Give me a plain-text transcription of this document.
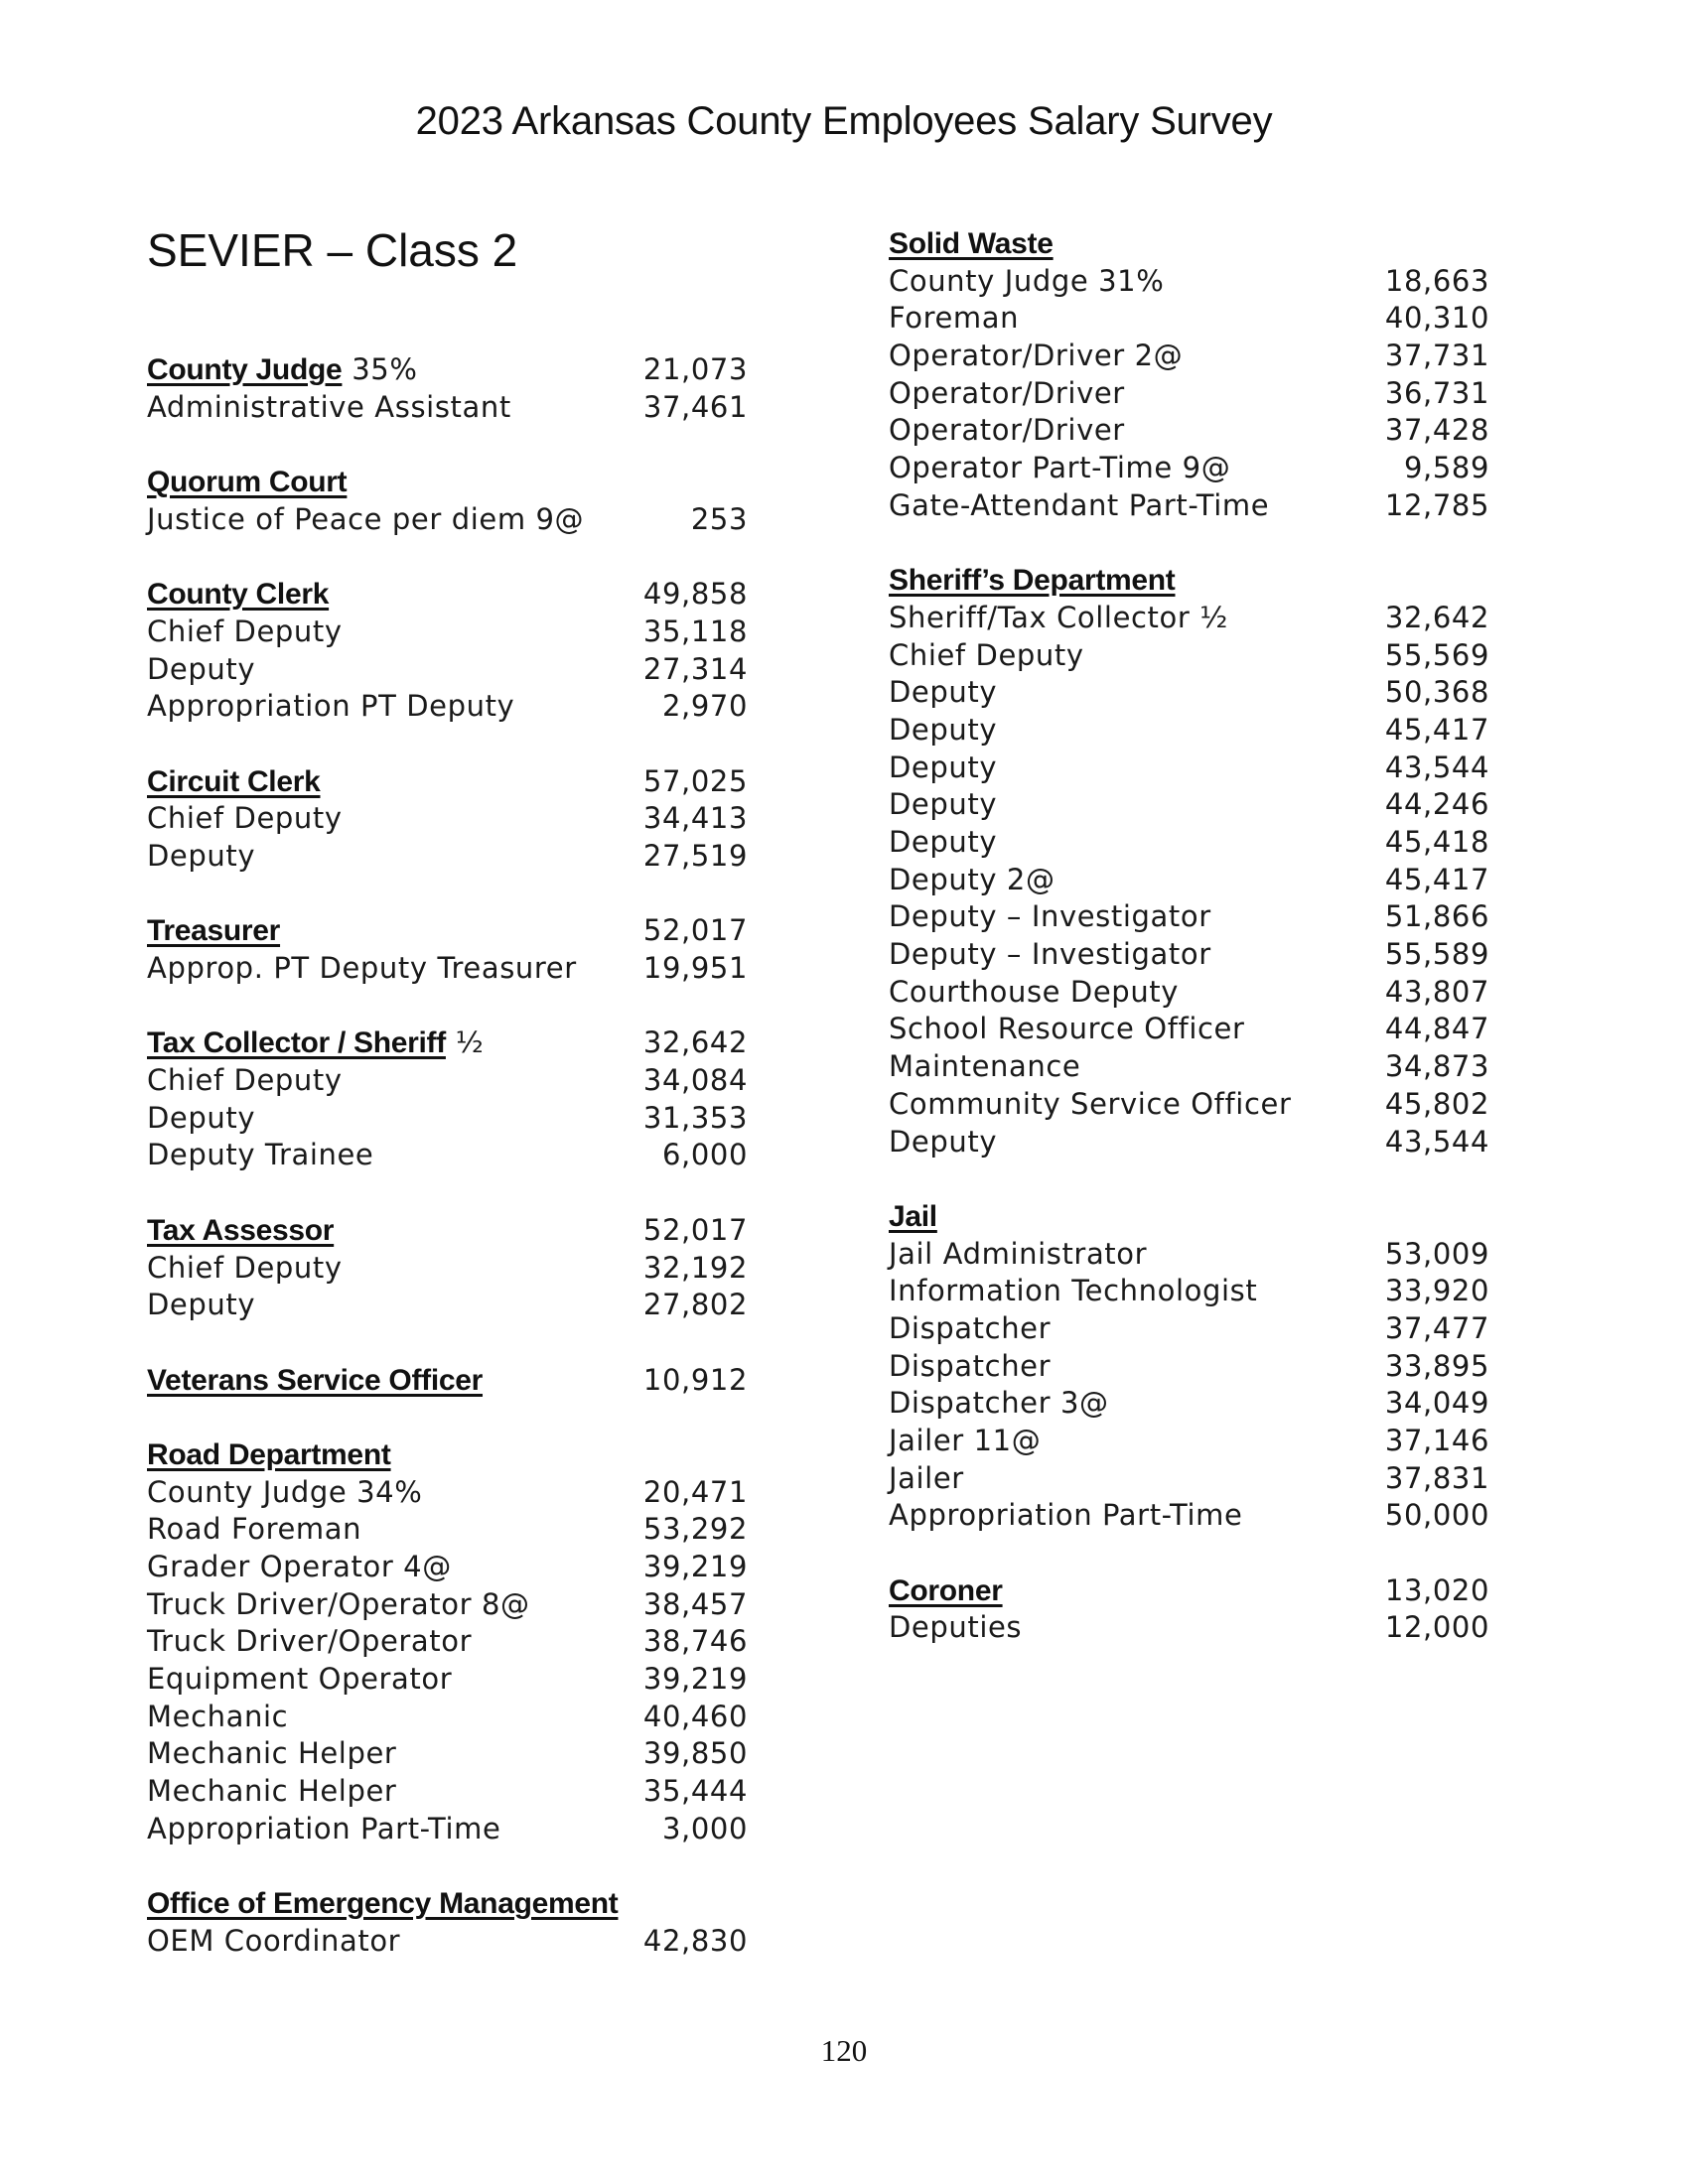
2023 Arkansas County Employees Salary Survey
SEVIER – Class 2
County Judge 35%	21,073
Administrative Assistant	37,461
Quorum Court
Justice of Peace per diem 9@	253
County Clerk	49,858
Chief Deputy	35,118
Deputy	27,314
Appropriation PT Deputy	2,970
Circuit Clerk	57,025
Chief Deputy	34,413
Deputy	27,519
Treasurer	52,017
Approp. PT Deputy Treasurer 19,951
Tax Collector / Sheriff ½	32,642
Chief Deputy	34,084
Deputy	31,353
Deputy Trainee	6,000
Tax Assessor	52,017
Chief Deputy	32,192
Deputy	27,802
Veterans Service Officer	10,912
Road Department
County Judge 34%	20,471
Road Foreman	53,292
Grader Operator 4@	39,219
Truck Driver/Operator 8@	38,457
Truck Driver/Operator	38,746
Equipment Operator	39,219
Mechanic	40,460
Mechanic Helper	39,850
Mechanic Helper	35,444
Appropriation Part-Time	3,000
Office of Emergency Management
OEM Coordinator	42,830
Solid Waste
County Judge 31%	18,663
Foreman	40,310
Operator/Driver 2@	37,731
Operator/Driver	36,731
Operator/Driver	37,428
Operator Part-Time 9@	9,589
Gate-Attendant Part-Time	12,785
Sheriff’s Department
Sheriff/Tax Collector ½	32,642
Chief Deputy	55,569
Deputy	50,368
Deputy	45,417
Deputy	43,544
Deputy	44,246
Deputy	45,418
Deputy 2@	45,417
Deputy – Investigator	51,866
Deputy – Investigator	55,589
Courthouse Deputy	43,807
School Resource Officer	44,847
Maintenance	34,873
Community Service Officer	45,802
Deputy	43,544
Jail
Jail Administrator	53,009
Information Technologist	33,920
Dispatcher	37,477
Dispatcher	33,895
Dispatcher 3@	34,049
Jailer 11@	37,146
Jailer	37,831
Appropriation Part-Time	50,000
Coroner	13,020
Deputies	12,000
120
